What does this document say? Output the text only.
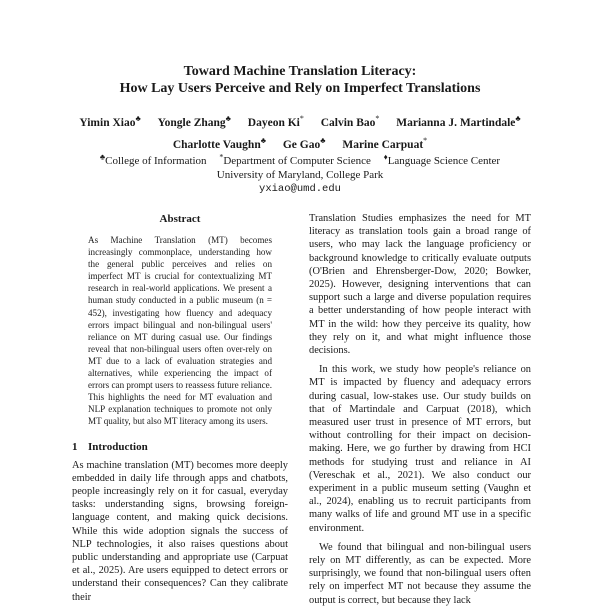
Toward Machine Translation Literacy:
How Lay Users Perceive and Rely on Imperfect Translations
Yimin Xiao♣ Yongle Zhang♣ Dayeon Ki* Calvin Bao* Marianna J. Martindale♣
Charlotte Vaughn♣ Ge Gao♣ Marine Carpuat*
♣College of Information *Department of Computer Science ♦Language Science Center
University of Maryland, College Park
yxiao@umd.edu
Abstract

As Machine Translation (MT) becomes increasingly commonplace, understanding how the general public perceives and relies on imperfect MT is crucial for contextualizing MT research in real-world applications. We present a human study conducted in a public museum (n = 452), investigating how fluency and adequacy errors impact bilingual and non-bilingual users' reliance on MT during casual use. Our findings reveal that non-bilingual users often over-rely on MT due to a lack of evaluation strategies and alternatives, while experiencing the impact of errors can prompt users to reassess future reliance. This highlights the need for MT evaluation and NLP explanation techniques to promote not only MT quality, but also MT literacy among its users.

1 Introduction

As machine translation (MT) becomes more deeply embedded in daily life through apps and chatbots, people increasingly rely on it for casual, everyday tasks: understanding signs, browsing foreign-language content, and making quick decisions. While this wide adoption signals the success of NLP technologies, it also raises questions about public understanding and appropriate use (Carpuat et al., 2025). Are users equipped to detect errors or understand their consequences? Can they calibrate their

Translation Studies emphasizes the need for MT literacy as translation tools gain a broad range of users, who may lack the language proficiency or background knowledge to critically evaluate outputs (O'Brien and Ehrensberger-Dow, 2020; Bowker, 2025). However, designing interventions that can support such a large and diverse population requires a better understanding of how people interact with MT in the wild: how they perceive its quality, how they rely on it, and what might influence those decisions.

In this work, we study how people's reliance on MT is impacted by fluency and adequacy errors during casual, low-stakes use. Our study builds on that of Martindale and Carpuat (2018), which measured user trust in presence of MT errors, but without controlling for their impact on decision-making. Here, we go further by drawing from HCI methods for studying trust and reliance in AI (Vereschak et al., 2021). We also conduct our experiment in a public museum setting (Vaughn et al., 2024), enabling us to recruit participants from many walks of life and ground MT use in a specific environment.

We found that bilingual and non-bilingual users rely on MT differently, as can be expected. More surprisingly, we found that non-bilingual users often rely on imperfect MT not because they assume the output is correct, but because they lack
